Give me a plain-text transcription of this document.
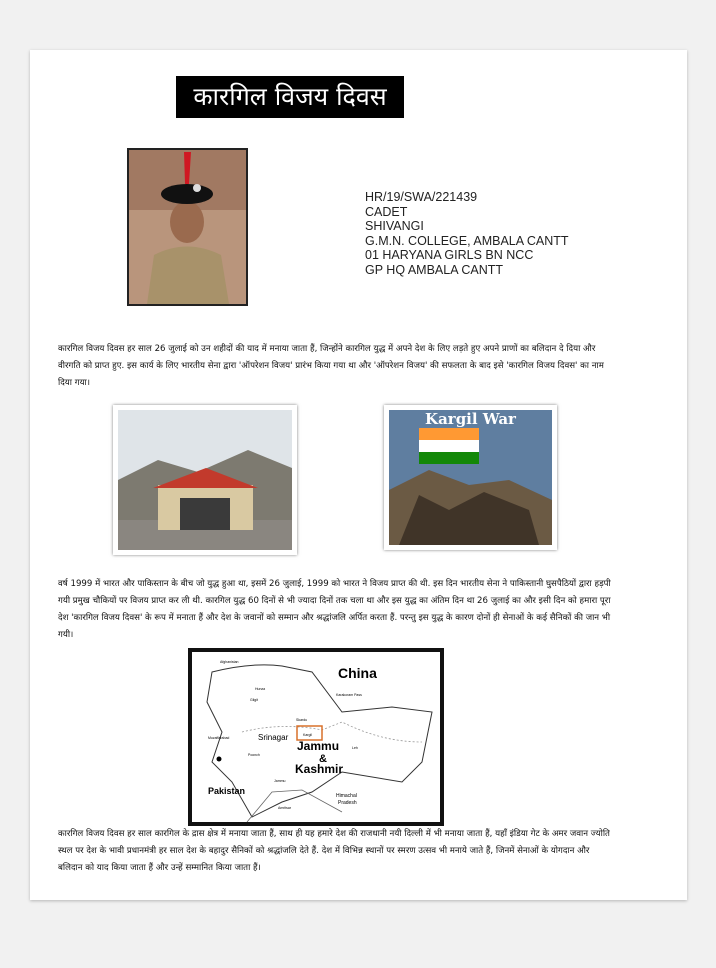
कारगिल विजय दिवस
HR/19/SWA/221439
CADET
SHIVANGI
G.M.N. COLLEGE, AMBALA CANTT
01 HARYANA GIRLS BN NCC
GP HQ AMBALA CANTT
कारगिल विजय दिवस हर साल 26 जुलाई को उन शहीदों की याद में मनाया जाता हैं, जिन्होंने कारगिल युद्ध में अपने देश के लिए लड़ते हुए अपने प्राणों का बलिदान दे दिया और वीरगति को प्राप्त हुए. इस कार्य के लिए भारतीय सेना द्वारा 'ऑपरेशन विजय' प्रारंभ किया गया था और 'ऑपरेशन विजय' की सफलता के बाद इसे 'कारगिल विजय दिवस' का नाम दिया गया।
Kargil War
वर्ष 1999 में भारत और पाकिस्तान के बीच जो युद्ध हुआ था, इसमें 26 जुलाई, 1999 को भारत ने विजय प्राप्त की थी. इस दिन भारतीय सेना ने पाकिस्तानी घुसपैठियों द्वारा हड़पी गयी प्रमुख चौकियों पर विजय प्राप्त कर ली थी. कारगिल युद्ध 60 दिनों से भी ज्यादा दिनों तक चला था और इस युद्ध का अंतिम दिन था 26 जुलाई का और इसी दिन को हमारा पूरा देश 'कारगिल विजय दिवस' के रूप में मनाता हैं और देश के जवानों को सम्मान और श्रद्धांजलि अर्पित करता हैं. परन्तु इस युद्ध के कारण दोनों ही सेनाओं के कई सैनिकों की जान भी गयी।
China
Pakistan
Jammu
&
Kashmir
Srinagar
Himachal
Pradesh
Afghanistan
Hunza
Gilgit
Karakoram Pass
Skardu
Kargil
Muzaffarabad
Leh
Poonch
Jammu
Amritsar
कारगिल विजय दिवस हर साल कारगिल के द्रास क्षेत्र में मनाया जाता हैं, साथ ही यह हमारे देश की राजधानी नयी दिल्ली में भी मनाया जाता हैं, यहाँ इंडिया गेट के अमर जवान ज्योति स्थल पर देश के भावी प्रधानमंत्री हर साल देश के बहादुर सैनिकों को श्रद्धांजलि देते हैं. देश में विभिन्न स्थानों पर स्मरण उत्सव भी मनाये जाते हैं, जिनमें सेनाओं के योगदान और बलिदान को याद किया जाता हैं और उन्हें सम्मानित किया जाता हैं।
